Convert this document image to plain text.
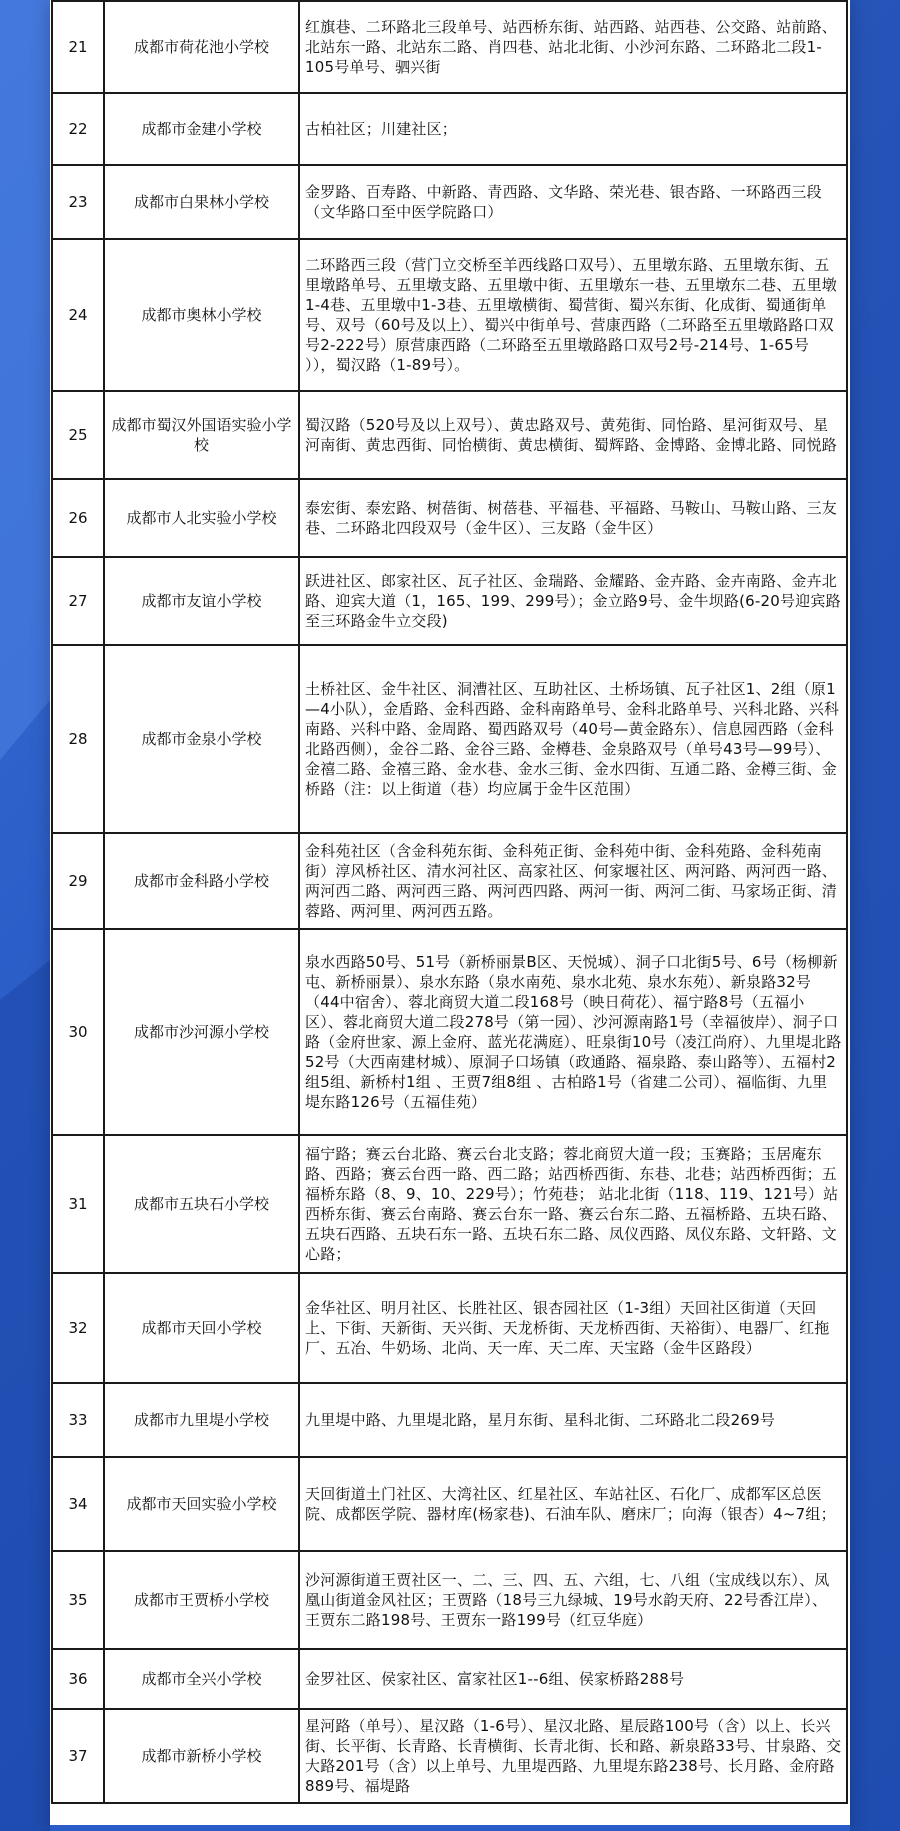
21	成都市荷花池小学校	红旗巷、二环路北三段单号、站西桥东街、站西路、站西巷、公交路、站前路、北站东一路、北站东二路、肖四巷、站北北街、小沙河东路、二环路北二段1-105号单号、驷兴街
22	成都市金建小学校	古柏社区；川建社区；
23	成都市白果林小学校	金罗路、百寿路、中新路、青西路、文华路、荣光巷、银杏路、一环路西三段（文华路口至中医学院路口）
24	成都市奥林小学校	二环路西三段（营门立交桥至羊西线路口双号）、五里墩东路、五里墩东街、五里墩路单号、五里墩支路、五里墩中街、五里墩东一巷、五里墩东二巷、五里墩1-4巷、五里墩中1-3巷、五里墩横街、蜀营街、蜀兴东街、化成街、蜀通街单号、双号（60号及以上）、蜀兴中街单号、营康西路（二环路至五里墩路路口双号2-222号）原营康西路（二环路至五里墩路路口双号2号-214号、1-65号 ）），蜀汉路（1-89号）。
25	成都市蜀汉外国语实验小学校	蜀汉路（520号及以上双号）、黄忠路双号、黄苑街、同怡路、星河街双号、星河南街、黄忠西街、同怡横街、黄忠横街、蜀辉路、金博路、金博北路、同悦路
26	成都市人北实验小学校	泰宏街、泰宏路、树蓓街、树蓓巷、平福巷、平福路、马鞍山、马鞍山路、三友巷、二环路北四段双号（金牛区）、三友路（金牛区）
27	成都市友谊小学校	跃进社区、郎家社区、瓦子社区、金瑞路、金耀路、金卉路、金卉南路、金卉北路、迎宾大道（1，165、199、299号）；金立路9号、金牛坝路(6-20号迎宾路至三环路金牛立交段)
28	成都市金泉小学校	土桥社区、金牛社区、洞漕社区、互助社区、土桥场镇、瓦子社区1、2组（原1—4小队），金盾路、金科西路、金科南路单号、金科北路单号、兴科北路、兴科南路、兴科中路、金周路、蜀西路双号（40号—黄金路东）、信息园西路（金科北路西侧），金谷二路、金谷三路、金樽巷、金泉路双号（单号43号—99号）、金禧二路、金禧三路、金水巷、金水三街、金水四街、互通二路、金樽三街、金桥路（注：以上街道（巷）均应属于金牛区范围）
29	成都市金科路小学校	金科苑社区（含金科苑东街、金科苑正街、金科苑中街、金科苑路、金科苑南街）淳风桥社区、清水河社区、高家社区、何家堰社区、两河路、两河西一路、两河西二路、两河西三路、两河西四路、两河一街、两河二街、马家场正街、清蓉路、两河里、两河西五路。
30	成都市沙河源小学校	泉水西路50号、51号（新桥丽景B区、天悦城）、洞子口北街5号、6号（杨柳新屯、新桥丽景）、泉水东路（泉水南苑、泉水北苑、泉水东苑）、新泉路32号（44中宿舍）、蓉北商贸大道二段168号（映日荷花）、福宁路8号（五福小区）、蓉北商贸大道二段278号（第一园）、沙河源南路1号（幸福彼岸）、洞子口路（金府世家、源上金府、蓝光花满庭）、旺泉街10号（凌江尚府）、九里堤北路52号（大西南建材城）、原洞子口场镇（政通路、福泉路、泰山路等）、五福村2组5组、新桥村1组 、王贾7组8组 、古柏路1号（省建二公司）、福临街、九里堤东路126号（五福佳苑）
31	成都市五块石小学校	福宁路；赛云台北路、赛云台北支路；蓉北商贸大道一段；玉赛路；玉居庵东路、西路；赛云台西一路、西二路；站西桥西街、东巷、北巷；站西桥西街；五福桥东路（8、9、10、229号）；竹苑巷； 站北北街（118、119、121号）站西桥东街、赛云台南路、赛云台东一路、赛云台东二路、五福桥路、五块石路、五块石西路、五块石东一路、五块石东二路、凤仪西路、凤仪东路、文轩路、文心路；
32	成都市天回小学校	金华社区、明月社区、长胜社区、银杏园社区（1-3组）天回社区街道（天回上、下街、天新街、天兴街、天龙桥街、天龙桥西街、天裕街）、电器厂、红拖厂、五冶、牛奶场、北尚、天一库、天二库、天宝路（金牛区路段）
33	成都市九里堤小学校	九里堤中路、九里堤北路，星月东街、星科北街、二环路北二段269号
34	成都市天回实验小学校	天回街道土门社区、大湾社区、红星社区、车站社区、石化厂、成都军区总医院、成都医学院、器材库(杨家巷)、石油车队、磨床厂；向海（银杏）4~7组；
35	成都市王贾桥小学校	沙河源街道王贾社区一、二、三、四、五、六组，七、八组（宝成线以东）、凤凰山街道金风社区；王贾路（18号三九绿城、19号水韵天府、22号香江岸）、王贾东二路198号、王贾东一路199号（红豆华庭）
36	成都市全兴小学校	金罗社区、侯家社区、富家社区1--6组、侯家桥路288号
37	成都市新桥小学校	星河路（单号）、星汉路（1-6号）、星汉北路、星辰路100号（含）以上、长兴街、长平街、长青路、长青横街、长青北街、长和路、新泉路33号、甘泉路、交大路201号（含）以上单号、九里堤西路、九里堤东路238号、长月路、金府路889号、福堤路
